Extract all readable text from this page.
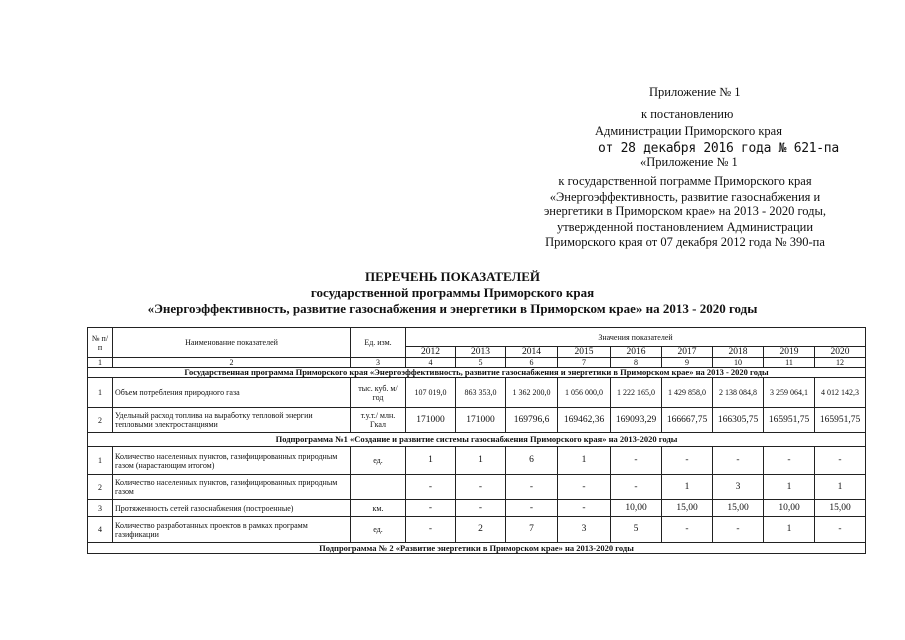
Приложение № 1
к постановлению
Администрации Приморского края
от 28 декабря 2016 года № 621-па
«Приложение № 1
к государственной пограмме Приморского края
«Энергоэффективность, развитие газоснабжения и
энергетики в Приморском крае» на 2013 - 2020 годы,
утвержденной постановлением Администрации
Приморского края от 07 декабря 2012 года № 390-па
ПЕРЕЧЕНЬ ПОКАЗАТЕЛЕЙ
государственной программы Приморского края
«Энергоэффективность, развитие газоснабжения и энергетики в Приморском крае» на 2013 - 2020 годы
№ п/п	Наименование показателей	Ед. изм.	Значения показателей								
			2012	2013	2014	2015	2016	2017	2018	2019	2020
1	2	3	4	5	6	7	8	9	10	11	12
Государственная программа Приморского края «Энергоэффективность, развитие газоснабжения и энергетики в Приморском крае» на 2013 - 2020 годы											
1	Объем потребления природного газа	тыс. куб. м/год	107 019,0	863 353,0	1 362 200,0	1 056 000,0	1 222 165,0	1 429 858,0	2 138 084,8	3 259 064,1	4 012 142,3
2	Удельный расход топлива на выработку тепловой энергии тепловыми электростанциями	т.у.т./ млн. Гкал	171000	171000	169796,6	169462,36	169093,29	166667,75	166305,75	165951,75	165951,75
Подпрограмма №1 «Создание и развитие системы газоснабжения Приморского края» на 2013-2020 годы											
1	Количество населенных пунктов, газифицированных природным газом (нарастающим итогом)	ед.	1	1	6	1	-	-	-	-	-
2	Количество населенных пунктов, газифицированных природным газом		-	-	-	-	-	1	3	1	1
3	Протяженность сетей газоснабжения (построенные)	км.	-	-	-	-	10,00	15,00	15,00	10,00	15,00
4	Количество разработанных проектов в рамках программ газификации	ед.	-	2	7	3	5	-	-	1	-
Подпрограмма № 2 «Развитие энергетики в Приморском крае» на 2013-2020 годы											
